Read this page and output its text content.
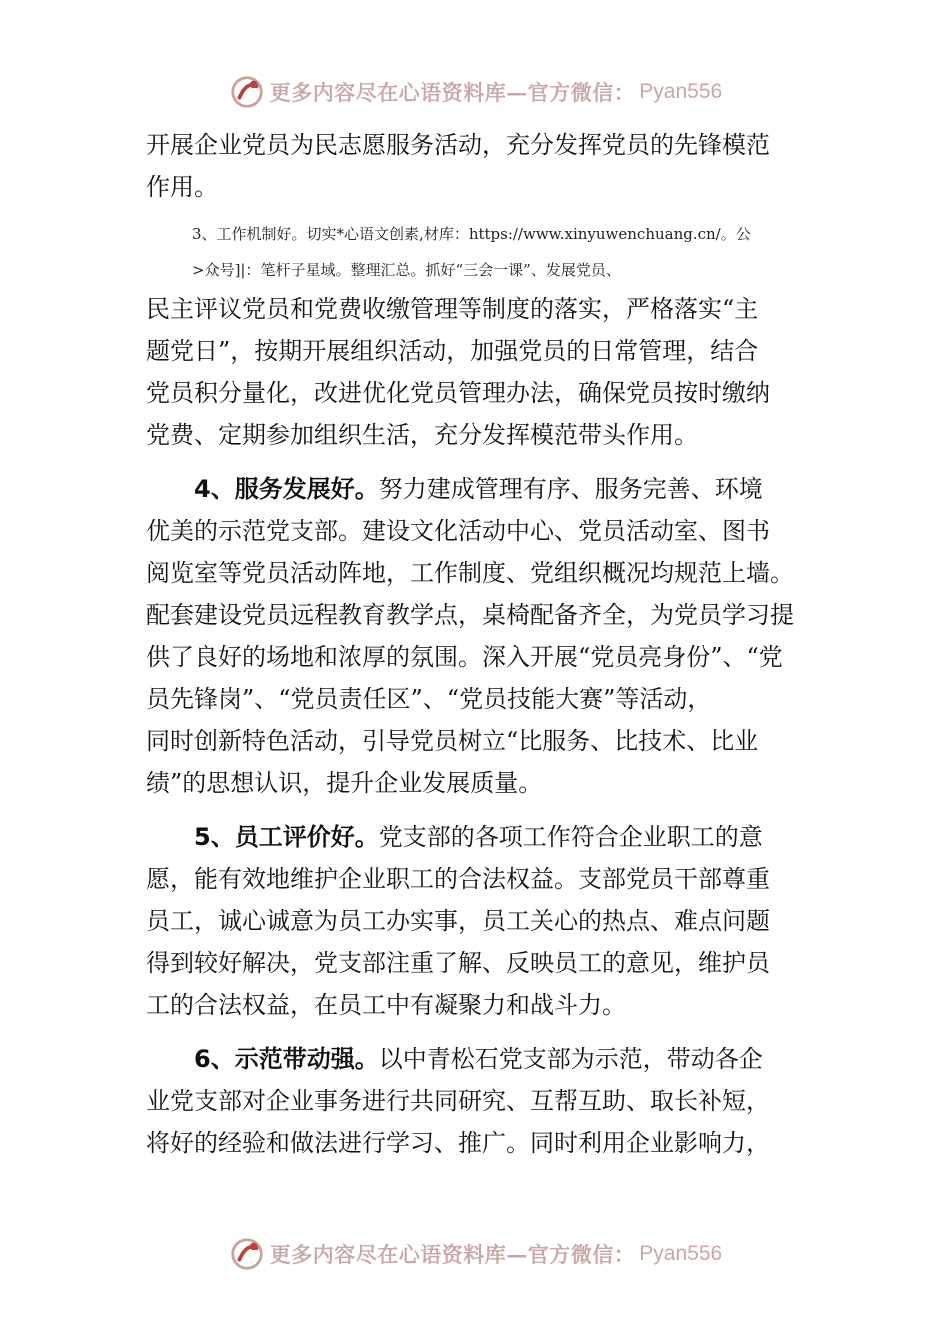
更多内容尽在心语资料库—官方微信： Pyan556
开展企业党员为民志愿服务活动，充分发挥党员的先锋模范
作用。
3、工作机制好。切实*心语文创素,材库：https://www.xinyuwenchuang.cn/。公
>众号]|：笔杆子星域。整理汇总。抓好“三会一课”、发展党员、
民主评议党员和党费收缴管理等制度的落实，严格落实“主
题党日”，按期开展组织活动，加强党员的日常管理，结合
党员积分量化，改进优化党员管理办法，确保党员按时缴纳
党费、定期参加组织生活，充分发挥模范带头作用。
4、服务发展好。努力建成管理有序、服务完善、环境
优美的示范党支部。建设文化活动中心、党员活动室、图书
阅览室等党员活动阵地，工作制度、党组织概况均规范上墙。
配套建设党员远程教育教学点，桌椅配备齐全，为党员学习提
供了良好的场地和浓厚的氛围。深入开展“党员亮身份”、“党
员先锋岗”、“党员责任区”、“党员技能大赛”等活动，
同时创新特色活动，引导党员树立“比服务、比技术、比业
绩”的思想认识，提升企业发展质量。
5、员工评价好。党支部的各项工作符合企业职工的意
愿，能有效地维护企业职工的合法权益。支部党员干部尊重
员工，诚心诚意为员工办实事，员工关心的热点、难点问题
得到较好解决，党支部注重了解、反映员工的意见，维护员
工的合法权益，在员工中有凝聚力和战斗力。
6、示范带动强。以中青松石党支部为示范，带动各企
业党支部对企业事务进行共同研究、互帮互助、取长补短，
将好的经验和做法进行学习、推广。同时利用企业影响力，
更多内容尽在心语资料库—官方微信： Pyan556
